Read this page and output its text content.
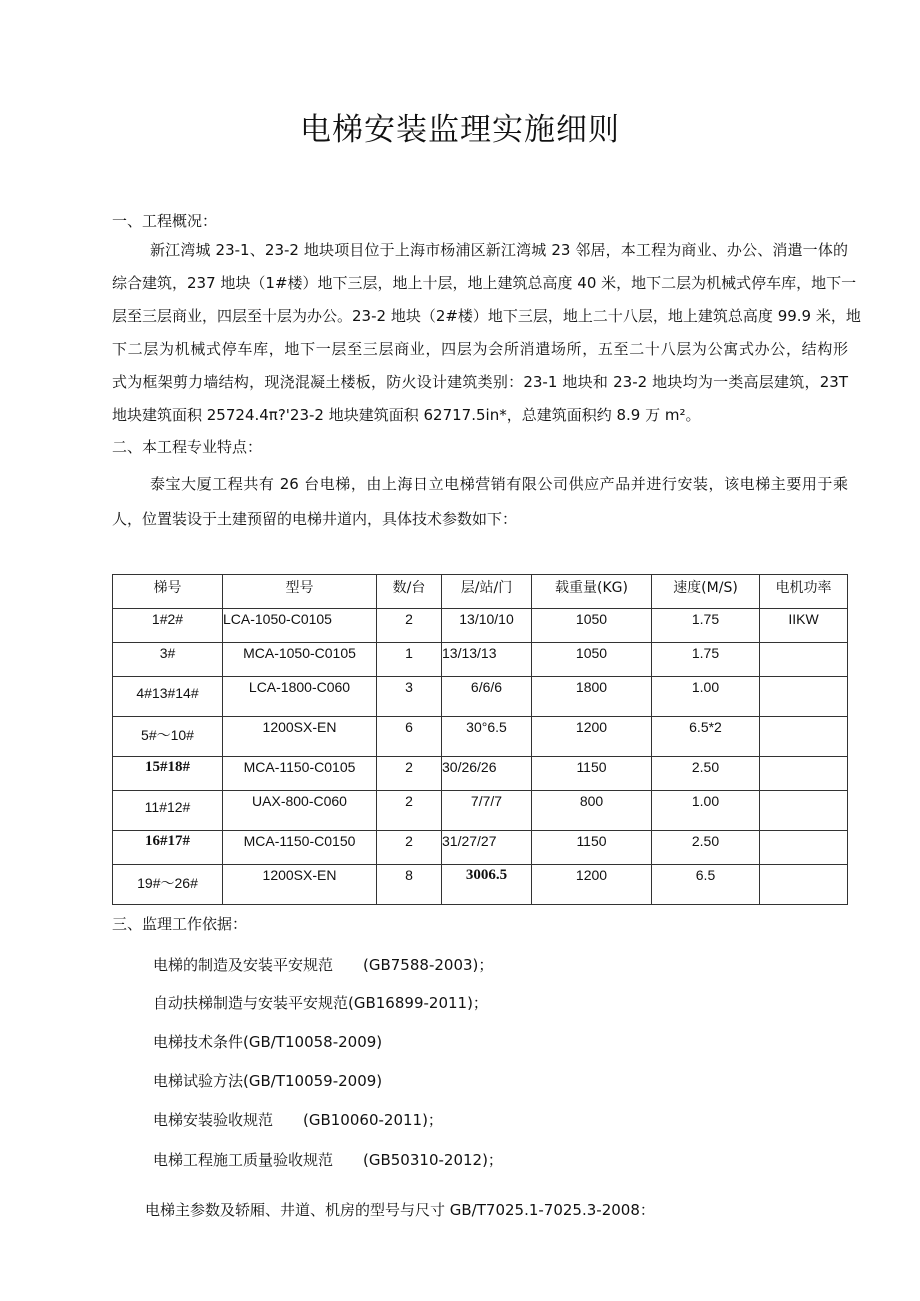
电梯安装监理实施细则
一、工程概况：
新江湾城 23-1、23-2 地块项目位于上海市杨浦区新江湾城 23 邻居，本工程为商业、办公、消遣一体的
综合建筑，237 地块（1#楼）地下三层，地上十层，地上建筑总高度 40 米，地下二层为机械式停车库，地下一
层至三层商业，四层至十层为办公。23-2 地块（2#楼）地下三层，地上二十八层，地上建筑总高度 99.9 米，地
下二层为机械式停车库，地下一层至三层商业，四层为会所消遣场所，五至二十八层为公寓式办公，结构形
式为框架剪力墙结构，现浇混凝土楼板，防火设计建筑类别：23-1 地块和 23-2 地块均为一类高层建筑，23T
地块建筑面积 25724.4π?'23-2 地块建筑面积 62717.5in*，总建筑面积约 8.9 万 m²。
二、本工程专业特点：
泰宝大厦工程共有 26 台电梯，由上海日立电梯营销有限公司供应产品并进行安装，该电梯主要用于乘
人，位置装设于土建预留的电梯井道内，具体技术参数如下：
梯号	型号	数/台	层/站/门	载重量(KG)	速度(M/S)	电机功率
1#2#	LCA-1050-C0105	2	13/10/10	1050	1.75	IIKW
3#	MCA-1050-C0105	1	13/13/13	1050	1.75	
4#13#14#	LCA-1800-C060	3	6/6/6	1800	1.00	
5#～10#	1200SX-EN	6	30°6.5	1200	6.5*2	
15#18#	MCA-1150-C0105	2	30/26/26	1150	2.50	
11#12#	UAX-800-C060	2	7/7/7	800	1.00	
16#17#	MCA-1150-C0150	2	31/27/27	1150	2.50	
19#～26#	1200SX-EN	8	3006.5	1200	6.5	
三、监理工作依据：
电梯的制造及安装平安规范　　(GB7588-2003)；
自动扶梯制造与安装平安规范(GB16899-2011)；
电梯技术条件(GB/T10058-2009)
电梯试验方法(GB/T10059-2009)
电梯安装验收规范　　(GB10060-2011)；
电梯工程施工质量验收规范　　(GB50310-2012)；
电梯主参数及轿厢、井道、机房的型号与尺寸 GB/T7025.1-7025.3-2008：
